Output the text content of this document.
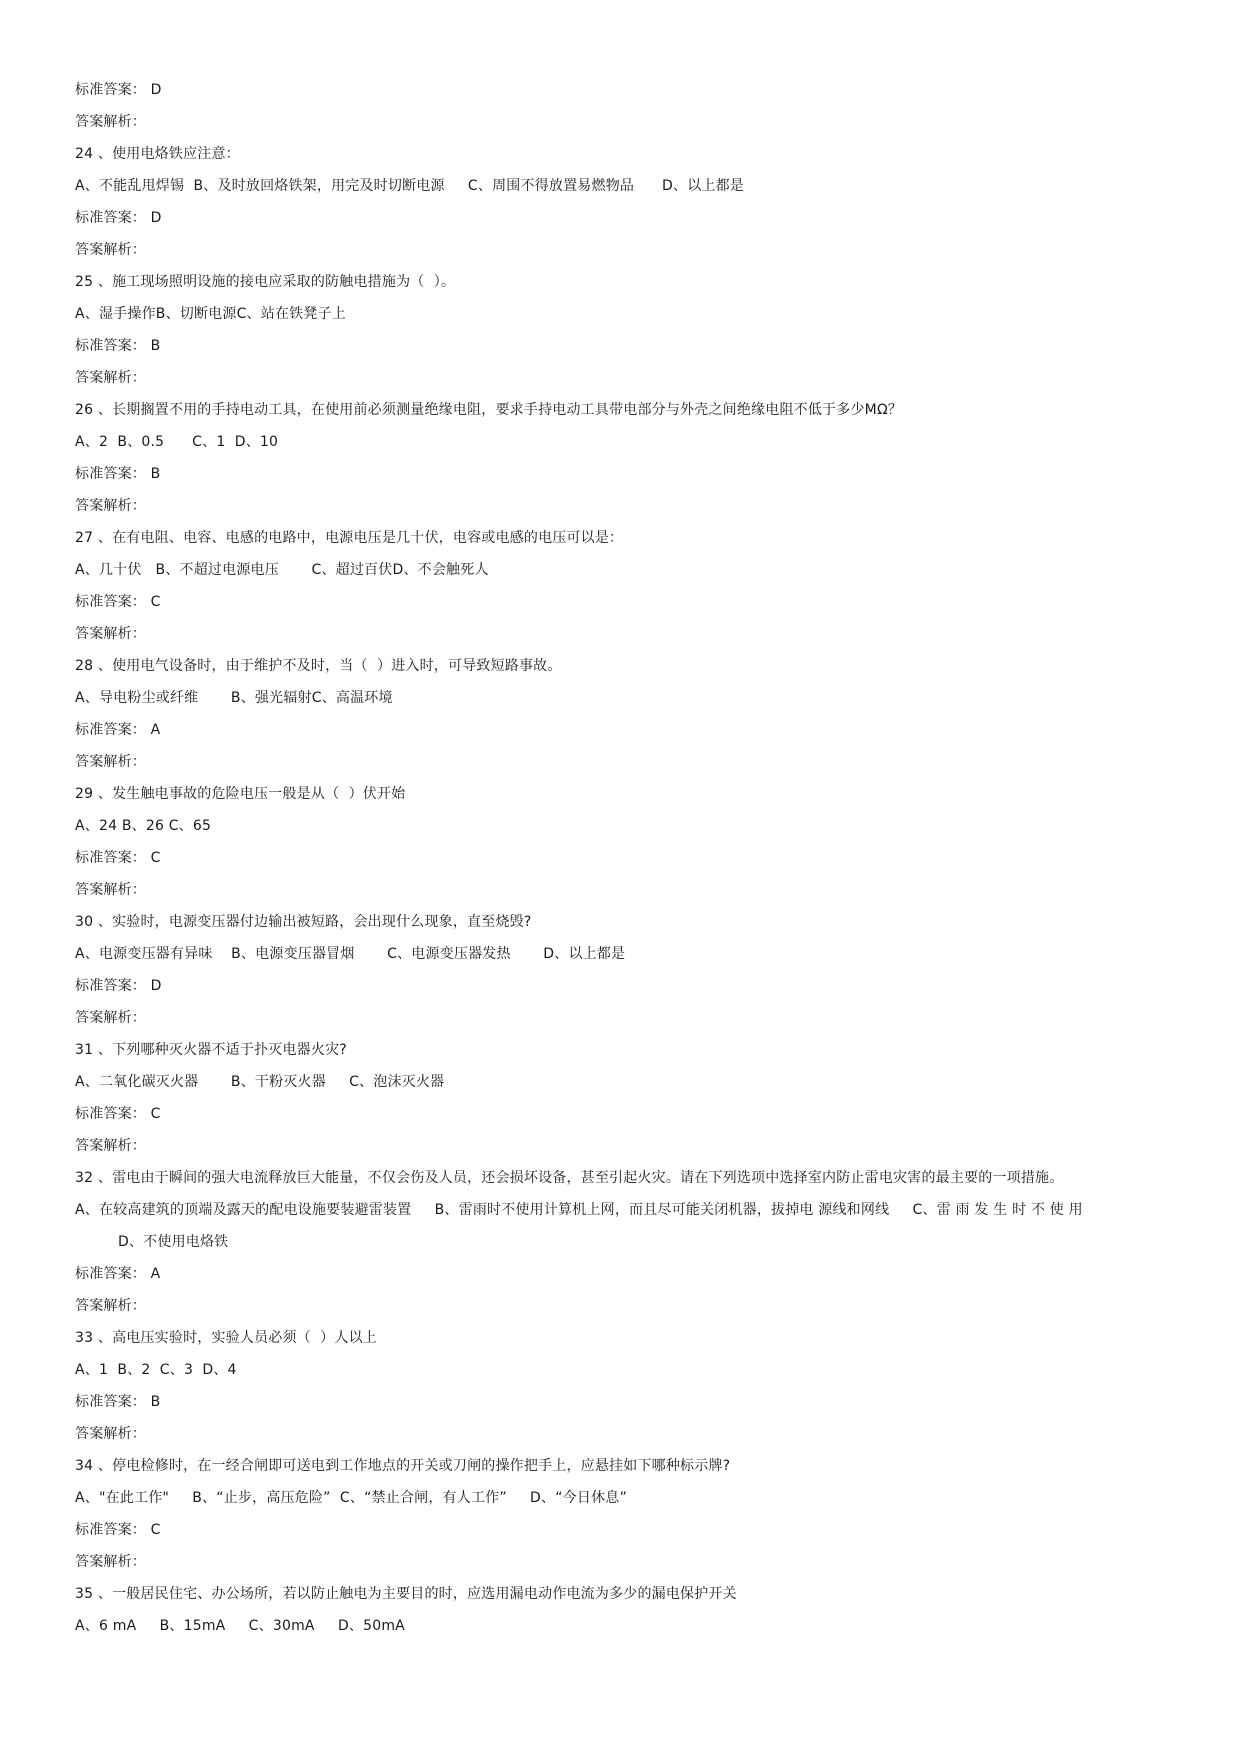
标准答案： D
答案解析：
24 、使用电烙铁应注意：
A、不能乱甩焊锡  B、及时放回烙铁架，用完及时切断电源     C、周围不得放置易燃物品      D、以上都是
标准答案： D
答案解析：
25 、施工现场照明设施的接电应采取的防触电措施为（  ）。
A、湿手操作B、切断电源C、站在铁凳子上
标准答案： B
答案解析：
26 、长期搁置不用的手持电动工具，在使用前必须测量绝缘电阻，要求手持电动工具带电部分与外壳之间绝缘电阻不低于多少MΩ？
A、2  B、0.5      C、1  D、10
标准答案： B
答案解析：
27 、在有电阻、电容、电感的电路中，电源电压是几十伏，电容或电感的电压可以是：
A、几十伏   B、不超过电源电压       C、超过百伏D、不会触死人
标准答案： C
答案解析：
28 、使用电气设备时，由于维护不及时，当（  ）进入时，可导致短路事故。
A、导电粉尘或纤维       B、强光辐射C、高温环境
标准答案： A
答案解析：
29 、发生触电事故的危险电压一般是从（  ）伏开始
A、24 B、26 C、65
标准答案： C
答案解析：
30 、实验时，电源变压器付边输出被短路，会出现什么现象，直至烧毁?
A、电源变压器有异味    B、电源变压器冒烟       C、电源变压器发热       D、以上都是
标准答案： D
答案解析：
31 、下列哪种灭火器不适于扑灭电器火灾?
A、二氧化碳灭火器       B、干粉灭火器     C、泡沫灭火器
标准答案： C
答案解析：
32 、雷电由于瞬间的强大电流释放巨大能量，不仅会伤及人员，还会损坏设备，甚至引起火灾。请在下列选项中选择室内防止雷电灾害的最主要的一项措施。
A、在较高建筑的顶端及露天的配电设施要装避雷装置     B、雷雨时不使用计算机上网，而且尽可能关闭机器，拔掉电 源线和网线     C、雷 雨 发 生 时 不 使 用
D、不使用电烙铁
标准答案： A
答案解析：
33 、高电压实验时，实验人员必须（  ）人以上
A、1  B、2  C、3  D、4
标准答案： B
答案解析：
34 、停电检修时，在一经合闸即可送电到工作地点的开关或刀闸的操作把手上，应悬挂如下哪种标示牌?
A、"在此工作"     B、“止步，高压危险”  C、“禁止合闸，有人工作”     D、“今日休息”
标准答案： C
答案解析：
35 、一般居民住宅、办公场所，若以防止触电为主要目的时，应选用漏电动作电流为多少的漏电保护开关
A、6 mA     B、15mA     C、30mA     D、50mA
